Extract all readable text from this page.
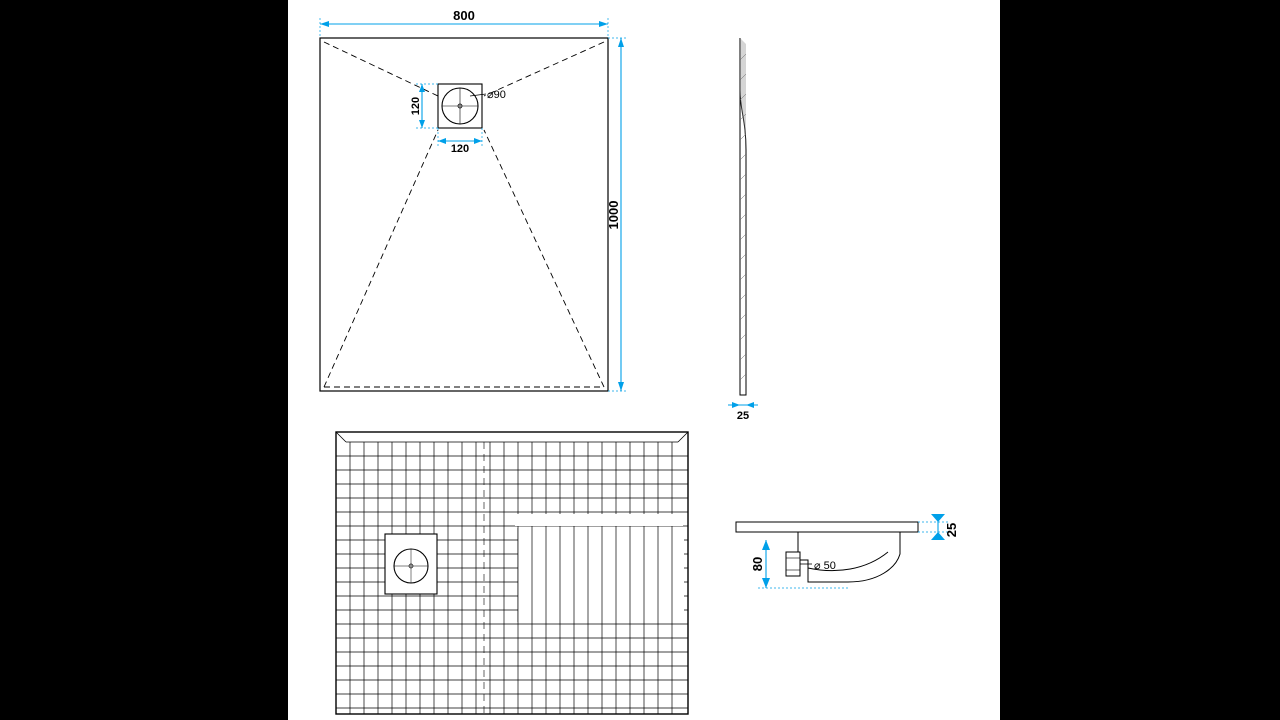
800
1000
120
120
⌀90
25
80
25
⌀ 50
